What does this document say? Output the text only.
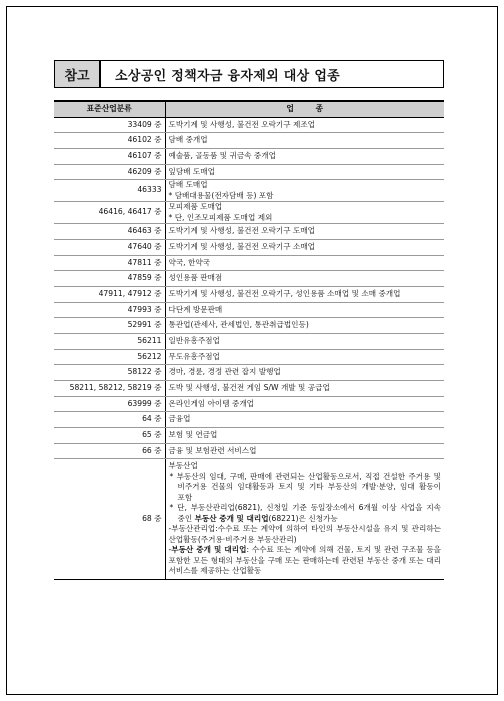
참고	소상공인 정책자금 융자제외 대상 업종
표준산업분류	업        종
33409 중	도박기계 및 사행성, 불건전 오락기구 제조업

46102 중	담배 중개업

46107 중	예술품, 골동품 및 귀금속 중개업

46209 중	잎담배 도매업

46333	담배 도매업
* 담배대용물(전자담배 등) 포함

46416, 46417 중	모피제품 도매업
* 단, 인조모피제품 도매업 제외

46463 중	도박기계 및 사행성, 불건전 오락기구 도매업

47640 중	도박기계 및 사행성, 불건전 오락기구 소매업

47811 중	약국, 한약국

47859 중	성인용품 판매점

47911, 47912 중	도박기계 및 사행성, 불건전 오락기구, 성인용품 소매업 및 소매 중개업

47993 중	다단계 방문판매

52991 중	통관업(관세사, 관세법인, 통관취급법인등)

56211	일반유흥주점업

56212	무도유흥주점업

58122 중	경마, 경륜, 경정 관련 잡지 발행업

58211, 58212, 58219 중	도박 및 사행성, 불건전 게임 S/W 개발 및 공급업

63999 중	온라인게임 아이템 중개업

64 중	금융업

65 중	보험 및 연금업

66 중	금융 및 보험관련 서비스업

68 중	부동산업
* 부동산의 임대, 구매, 판매에 관련되는 산업활동으로서, 직접 건설한 주거용 및 비주거용 건물의 임대활동과 토지 및 기타 부동산의 개발·분양, 임대 활동이 포함
* 단, 부동산관리업(6821), 신청일 기준 동일장소에서 6개월 이상 사업을 지속 중인 부동산 중개 및 대리업(68221)은 신청가능
-부동산관리업:수수료 또는 계약에 의하여 타인의 부동산시설을 유지 및 관리하는 산업활동(주거용·비주거용 부동산관리)
-부동산 중개 및 대리업: 수수료 또는 계약에 의해 건물, 토지 및 관련 구조물 등을 포함한 모든 형태의 부동산을 구매 또는 판매하는데 관련된 부동산 중개 또는 대리 서비스를 제공하는 산업활동
